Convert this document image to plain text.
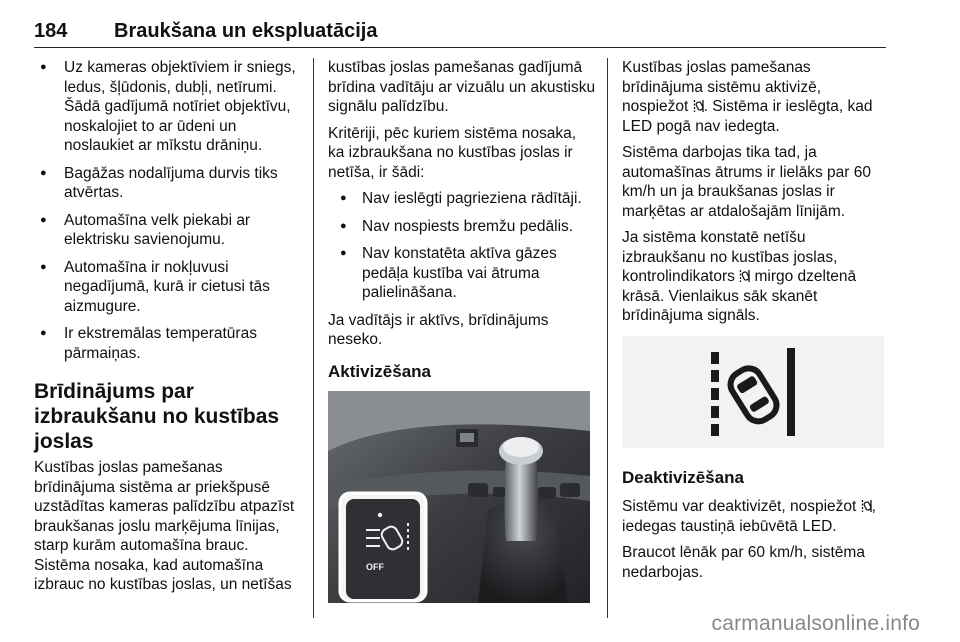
184	Braukšana un ekspluatācija
● Uz kameras objektīviem ir sniegs, ledus, šļūdonis, dubļi, netīrumi. Šādā gadījumā notīriet objektīvu, noskalojiet to ar ūdeni un noslaukiet ar mīkstu drāniņu.
● Bagāžas nodalījuma durvis tiks atvērtas.
● Automašīna velk piekabi ar elektrisku savienojumu.
● Automašīna ir nokļuvusi negadījumā, kurā ir cietusi tās aizmugure.
● Ir ekstremālas temperatūras pārmaiņas.
Brīdinājums par izbraukšanu no kustības joslas

Kustības joslas pamešanas brīdinājuma sistēma ar priekšpusē uzstādītas kameras palīdzību atpazīst braukšanas joslu marķējuma līnijas, starp kurām automašīna brauc.

Sistēma nosaka, kad automašīna izbrauc no kustības joslas, un netīšas

kustības joslas pamešanas gadījumā brīdina vadītāju ar vizuālu un akustisku signālu palīdzību.

Kritēriji, pēc kuriem sistēma nosaka, ka izbraukšana no kustības joslas ir netīša, ir šādi:

● Nav ieslēgti pagrieziena rādītāji.
● Nav nospiests bremžu pedālis.
● Nav konstatēta aktīva gāzes pedāļa kustība vai ātruma palielināšana.

Ja vadītājs ir aktīvs, brīdinājums neseko.

Aktivizēšana
OFF

Kustības joslas pamešanas brīdinājuma sistēmu aktivizē, nospiežot . Sistēma ir ieslēgta, kad LED pogā nav iedegta.

Sistēma darbojas tika tad, ja automašīnas ātrums ir lielāks par 60 km/h un ja braukšanas joslas ir marķētas ar atdalošajām līnijām.

Ja sistēma konstatē netīšu izbraukšanu no kustības joslas, kontrolindikators mirgo dzeltenā krāsā. Vienlaikus sāk skanēt brīdinājuma signāls.

Deaktivizēšana

Sistēmu var deaktivizēt, nospiežot , iedegas taustiņā iebūvētā LED.

Braucot lēnāk par 60 km/h, sistēma nedarbojas.

carmanualsonline.info
